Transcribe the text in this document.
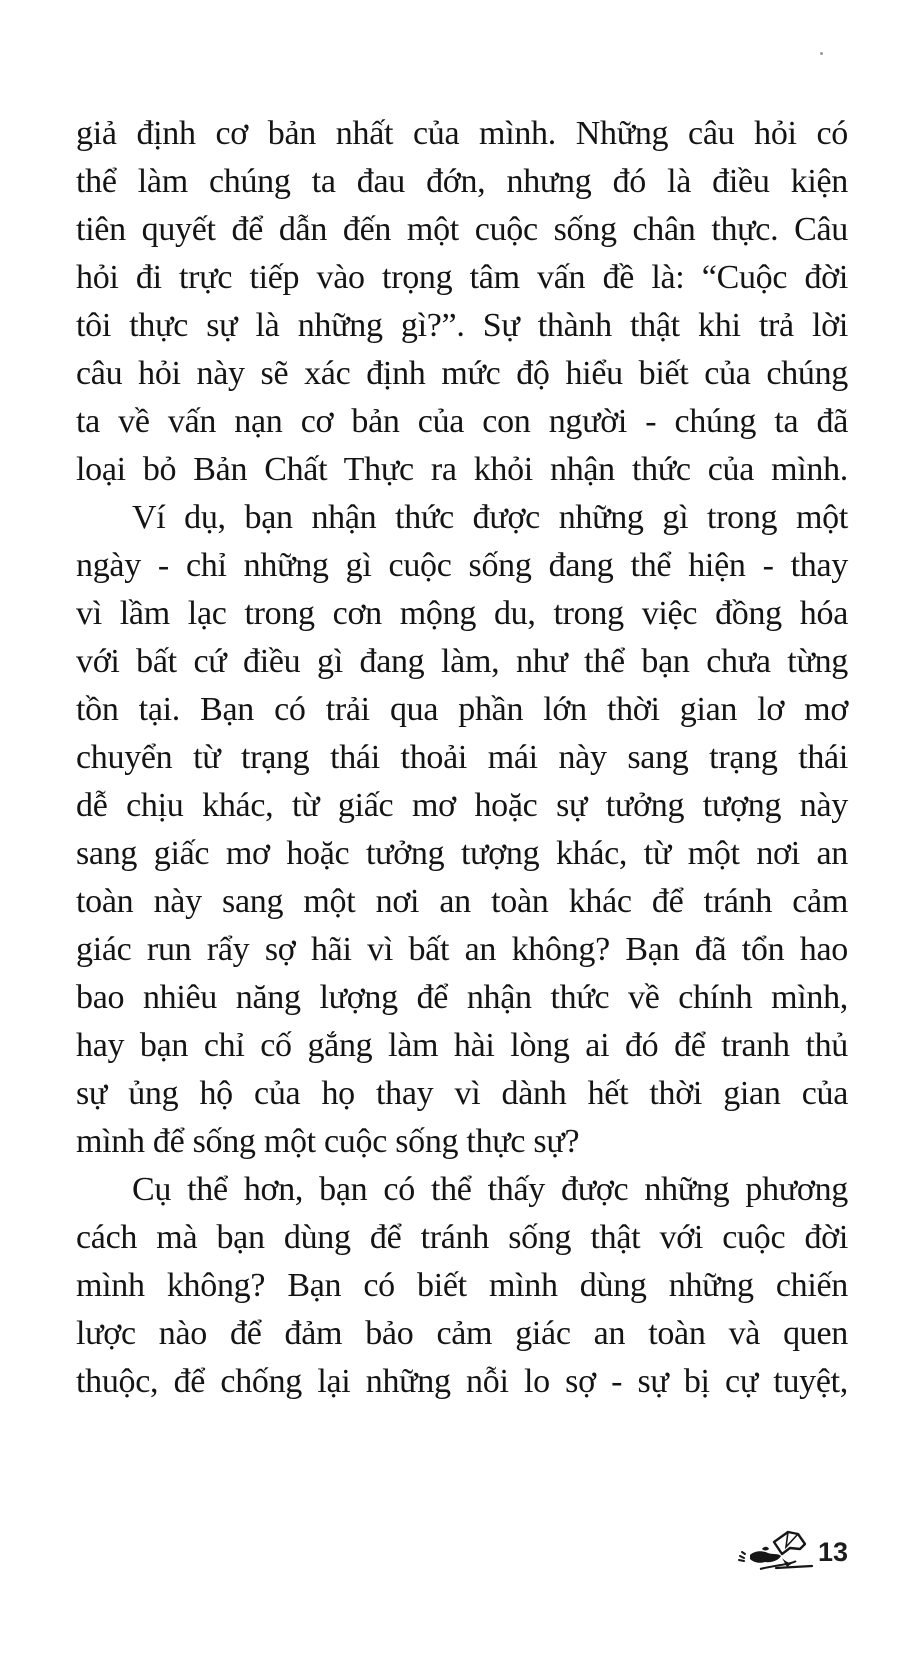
giả định cơ bản nhất của mình. Những câu hỏi có
thể làm chúng ta đau đớn, nhưng đó là điều kiện
tiên quyết để dẫn đến một cuộc sống chân thực. Câu
hỏi đi trực tiếp vào trọng tâm vấn đề là: “Cuộc đời
tôi thực sự là những gì?”. Sự thành thật khi trả lời
câu hỏi này sẽ xác định mức độ hiểu biết của chúng
ta về vấn nạn cơ bản của con người - chúng ta đã
loại bỏ Bản Chất Thực ra khỏi nhận thức của mình.
Ví dụ, bạn nhận thức được những gì trong một
ngày - chỉ những gì cuộc sống đang thể hiện - thay
vì lầm lạc trong cơn mộng du, trong việc đồng hóa
với bất cứ điều gì đang làm, như thể bạn chưa từng
tồn tại. Bạn có trải qua phần lớn thời gian lơ mơ
chuyển từ trạng thái thoải mái này sang trạng thái
dễ chịu khác, từ giấc mơ hoặc sự tưởng tượng này
sang giấc mơ hoặc tưởng tượng khác, từ một nơi an
toàn này sang một nơi an toàn khác để tránh cảm
giác run rẩy sợ hãi vì bất an không? Bạn đã tổn hao
bao nhiêu năng lượng để nhận thức về chính mình,
hay bạn chỉ cố gắng làm hài lòng ai đó để tranh thủ
sự ủng hộ của họ thay vì dành hết thời gian của
mình để sống một cuộc sống thực sự?
Cụ thể hơn, bạn có thể thấy được những phương
cách mà bạn dùng để tránh sống thật với cuộc đời
mình không? Bạn có biết mình dùng những chiến
lược nào để đảm bảo cảm giác an toàn và quen
thuộc, để chống lại những nỗi lo sợ - sự bị cự tuyệt,
13
